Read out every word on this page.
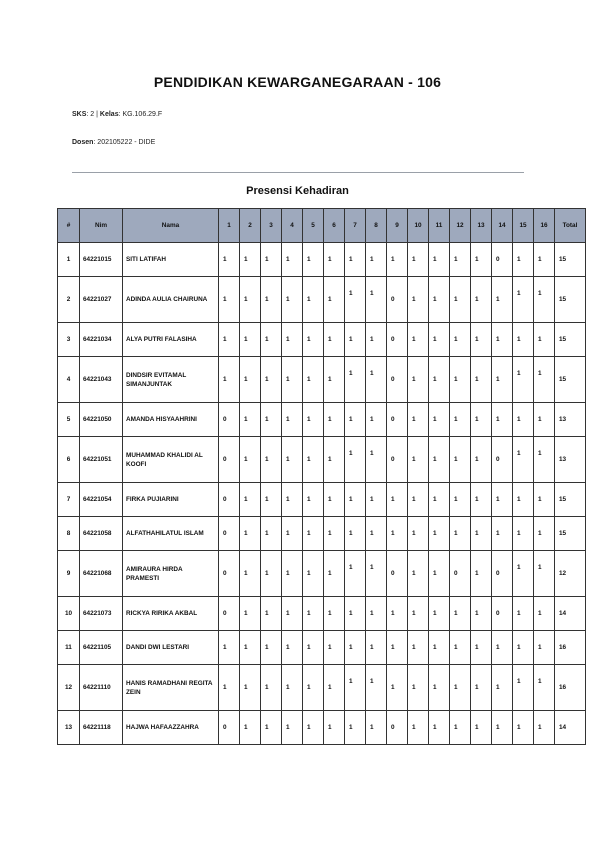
PENDIDIKAN KEWARGANEGARAAN - 106
SKS: 2 | Kelas: KG.106.29.F
Dosen: 202105222 - DIDE
Presensi Kehadiran
#	Nim	Nama	1	2	3	4	5	6	7	8	9	10	11	12	13	14	15	16	Total
1	64221015	SITI LATIFAH	1	1	1	1	1	1	1	1	1	1	1	1	1	0	1	1	15
2	64221027	ADINDA AULIA CHAIRUNA	1	1	1	1	1	1	1	1	0	1	1	1	1	1	1	1	15
3	64221034	ALYA PUTRI FALASIHA	1	1	1	1	1	1	1	1	0	1	1	1	1	1	1	1	15
4	64221043	DINDSIR EVITAMAL SIMANJUNTAK	1	1	1	1	1	1	1	1	0	1	1	1	1	1	1	1	15
5	64221050	AMANDA HISYAAHRINI	0	1	1	1	1	1	1	1	0	1	1	1	1	1	1	1	13
6	64221051	MUHAMMAD KHALIDI AL KOOFI	0	1	1	1	1	1	1	1	0	1	1	1	1	0	1	1	13
7	64221054	FIRKA PUJIARINI	0	1	1	1	1	1	1	1	1	1	1	1	1	1	1	1	15
8	64221058	ALFATHAHILATUL ISLAM	0	1	1	1	1	1	1	1	1	1	1	1	1	1	1	1	15
9	64221068	AMIRAURA HIRDA PRAMESTI	0	1	1	1	1	1	1	1	0	1	1	0	1	0	1	1	12
10	64221073	RICKYA RIRIKA AKBAL	0	1	1	1	1	1	1	1	1	1	1	1	1	0	1	1	14
11	64221105	DANDI DWI LESTARI	1	1	1	1	1	1	1	1	1	1	1	1	1	1	1	1	16
12	64221110	HANIS RAMADHANI REGITA ZEIN	1	1	1	1	1	1	1	1	1	1	1	1	1	1	1	1	16
13	64221118	HAJWA HAFAAZZAHRA	0	1	1	1	1	1	1	1	0	1	1	1	1	1	1	1	14
